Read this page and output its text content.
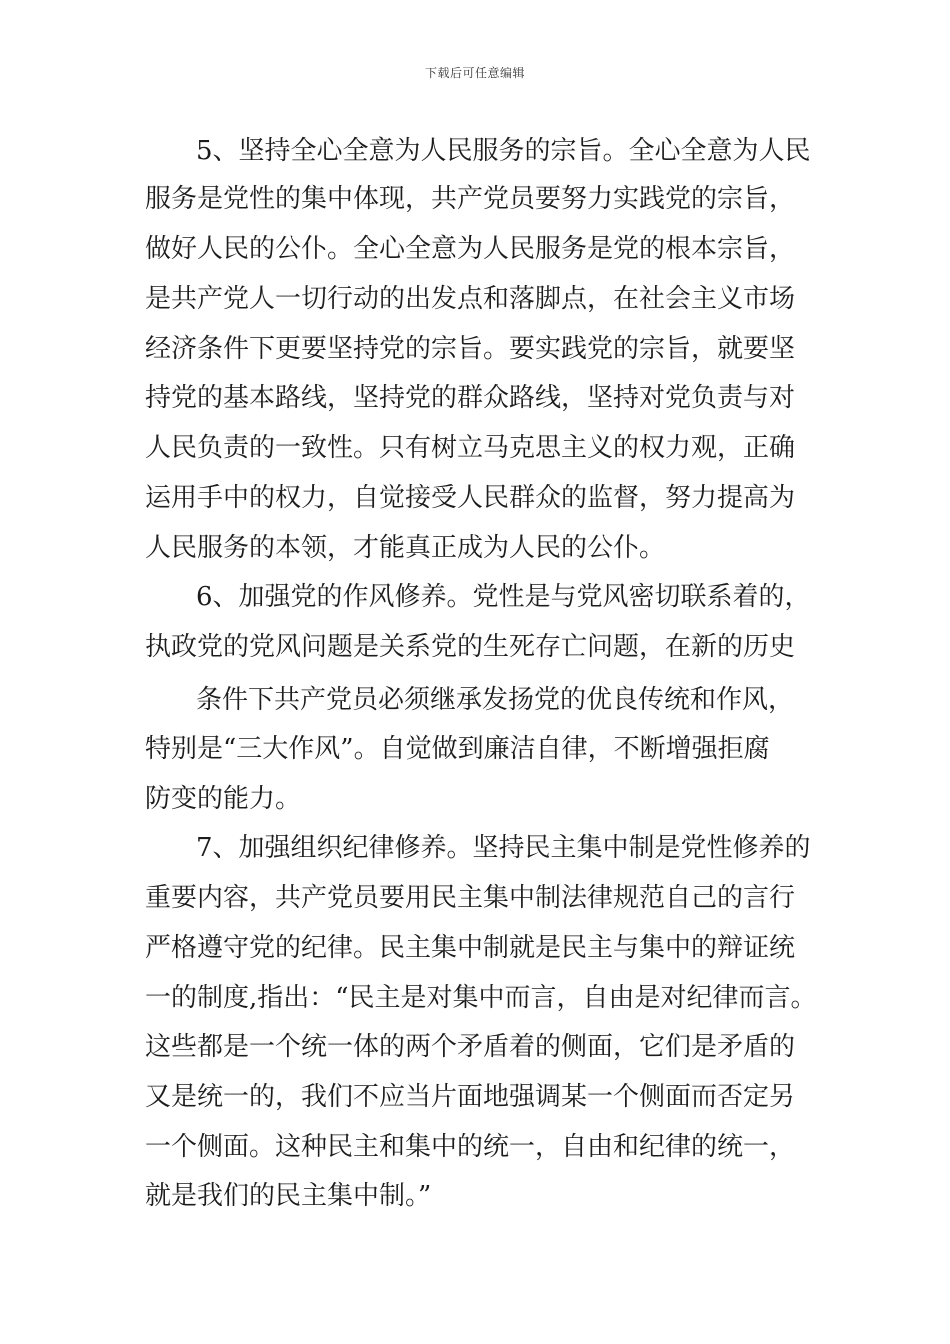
下载后可任意编辑
5、坚持全心全意为人民服务的宗旨。全心全意为人民
服务是党性的集中体现，共产党员要努力实践党的宗旨，
做好人民的公仆。全心全意为人民服务是党的根本宗旨，
是共产党人一切行动的出发点和落脚点，在社会主义市场
经济条件下更要坚持党的宗旨。要实践党的宗旨，就要坚
持党的基本路线，坚持党的群众路线，坚持对党负责与对
人民负责的一致性。只有树立马克思主义的权力观，正确
运用手中的权力，自觉接受人民群众的监督，努力提高为
人民服务的本领，才能真正成为人民的公仆。
6、加强党的作风修养。党性是与党风密切联系着的，
执政党的党风问题是关系党的生死存亡问题，在新的历史
条件下共产党员必须继承发扬党的优良传统和作风，
特别是“三大作风”。自觉做到廉洁自律，不断增强拒腐
防变的能力。
7、加强组织纪律修养。坚持民主集中制是党性修养的
重要内容，共产党员要用民主集中制法律规范自己的言行
严格遵守党的纪律。民主集中制就是民主与集中的辩证统
一的制度,指出：“民主是对集中而言，自由是对纪律而言。
这些都是一个统一体的两个矛盾着的侧面，它们是矛盾的
又是统一的，我们不应当片面地强调某一个侧面而否定另
一个侧面。这种民主和集中的统一，自由和纪律的统一，
就是我们的民主集中制。”
